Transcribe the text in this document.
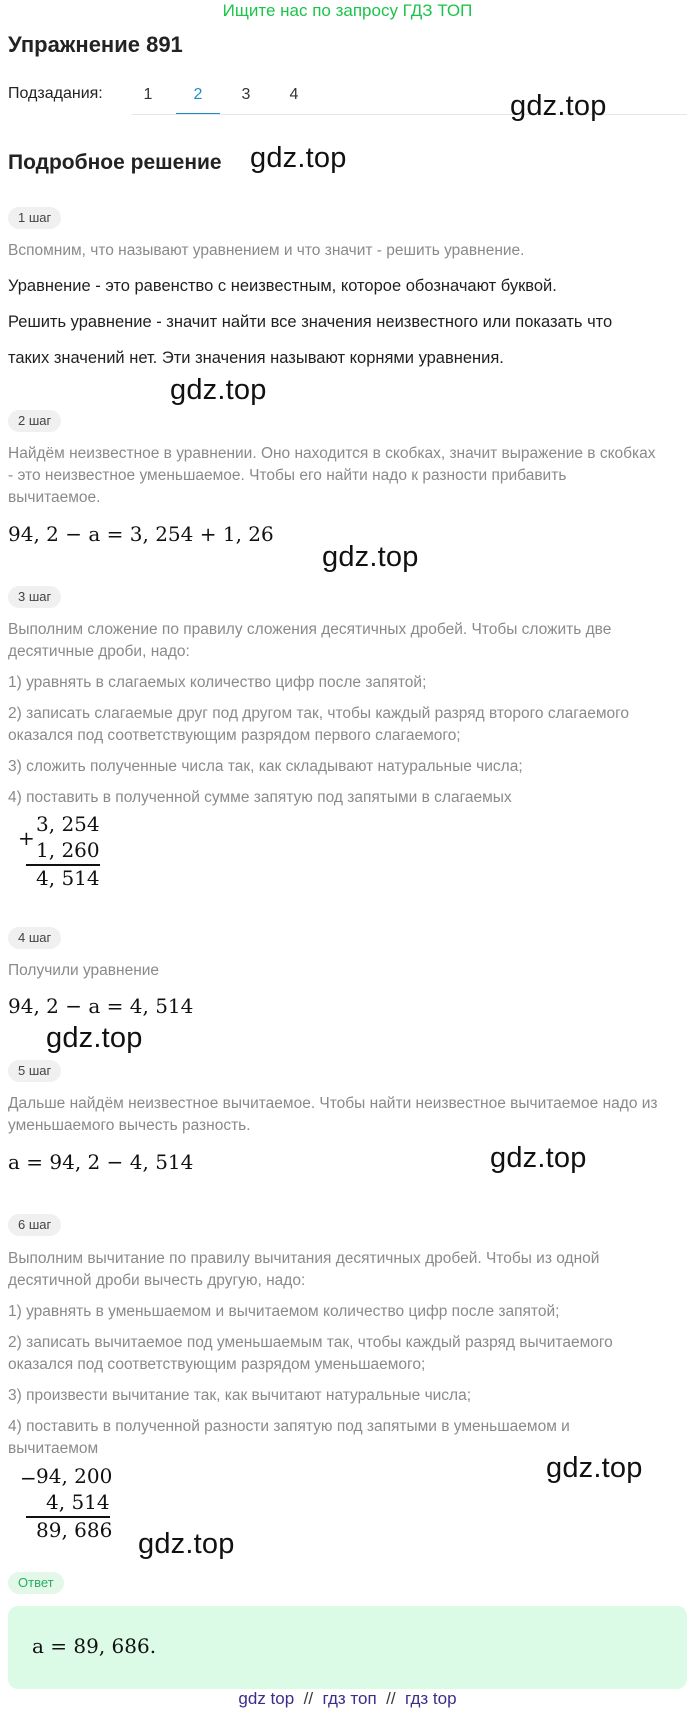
Ищите нас по запросу ГДЗ ТОП
Упражнение 891
Подзадания:	1	2	3	4	gdz.top
Подробное решение gdz.top
1 шаг
Вспомним, что называют уравнением и что значит - решить уравнение.
Уравнение - это равенство с неизвестным, которое обозначают буквой.
Решить уравнение - значит найти все значения неизвестного или показать что
таких значений нет. Эти значения называют корнями уравнения.
gdz.top
2 шаг
Найдём неизвестное в уравнении. Оно находится в скобках, значит выражение в скобках - это неизвестное уменьшаемое. Чтобы его найти надо к разности прибавить вычитаемое.
94, 2 − a = 3, 254 + 1, 26
gdz.top
3 шаг
Выполним сложение по правилу сложения десятичных дробей. Чтобы сложить две десятичные дроби, надо:
1) уравнять в слагаемых количество цифр после запятой;
2) записать слагаемые друг под другом так, чтобы каждый разряд второго слагаемого оказался под соответствующим разрядом первого слагаемого;
3) сложить полученные числа так, как складывают натуральные числа;
4) поставить в полученной сумме запятую под запятыми в слагаемых
+
3, 254
1, 260
4, 514
4 шаг
Получили уравнение
94, 2 − a = 4, 514
gdz.top
5 шаг
Дальше найдём неизвестное вычитаемое. Чтобы найти неизвестное вычитаемое надо из уменьшаемого вычесть разность.
a = 94, 2 − 4, 514	gdz.top
6 шаг
Выполним вычитание по правилу вычитания десятичных дробей. Чтобы из одной десятичной дроби вычесть другую, надо:
1) уравнять в уменьшаемом и вычитаемом количество цифр после запятой;
2) записать вычитаемое под уменьшаемым так, чтобы каждый разряд вычитаемого оказался под соответствующим разрядом уменьшаемого;
3) произвести вычитание так, как вычитают натуральные числа;
4) поставить в полученной разности запятую под запятыми в уменьшаемом и вычитаемом
gdz.top
− 94, 200
4, 514
89, 686 gdz.top
Ответ
a = 89, 686.
gdz top // гдз топ // гдз top
